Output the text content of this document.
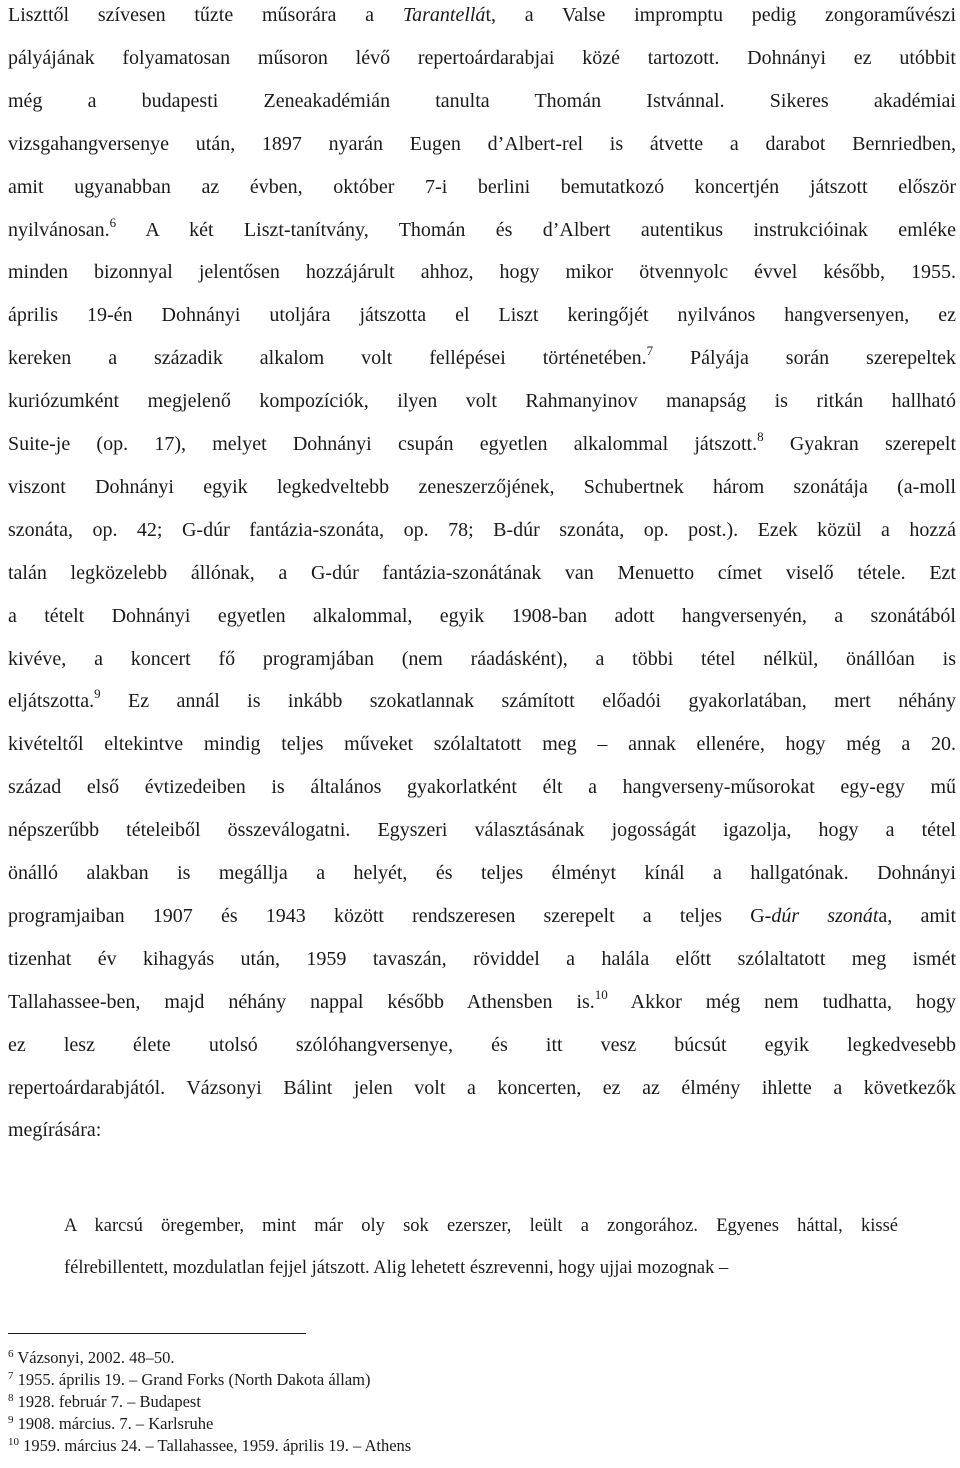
Liszttől szívesen tűzte műsorára a Tarantellát, a Valse impromptu pedig zongoraművészi
pályájának folyamatosan műsoron lévő repertoárdarabjai közé tartozott. Dohnányi ez utóbbit
még a budapesti Zeneakadémián tanulta Thomán Istvánnal. Sikeres akadémiai
vizsgahangversenye után, 1897 nyarán Eugen d’Albert-rel is átvette a darabot Bernriedben,
amit ugyanabban az évben, október 7-i berlini bemutatkozó koncertjén játszott először
nyilvánosan.$^6$ A két Liszt-tanítvány, Thomán és d’Albert autentikus instrukcióinak emléke
minden bizonnyal jelentősen hozzájárult ahhoz, hogy mikor ötvennyolc évvel később, 1955.
április 19-én Dohnányi utoljára játszotta el Liszt keringőjét nyilvános hangversenyen, ez
kereken a századik alkalom volt fellépései történetében.$^7$ Pályája során szerepeltek
kuriózumként megjelenő kompozíciók, ilyen volt Rahmanyinov manapság is ritkán hallható
Suite-je (op. 17), melyet Dohnányi csupán egyetlen alkalommal játszott.$^8$ Gyakran szerepelt
viszont Dohnányi egyik legkedveltebb zeneszerzőjének, Schubertnek három szonátája (a-moll
szonáta, op. 42; G-dúr fantázia-szonáta, op. 78; B-dúr szonáta, op. post.). Ezek közül a hozzá
talán legközelebb állónak, a G-dúr fantázia-szonátának van Menuetto címet viselő tétele. Ezt
a tételt Dohnányi egyetlen alkalommal, egyik 1908-ban adott hangversenyén, a szonátából
kivéve, a koncert fő programjában (nem ráadásként), a többi tétel nélkül, önállóan is
eljátszotta.$^9$ Ez annál is inkább szokatlannak számított előadói gyakorlatában, mert néhány
kivételtől eltekintve mindig teljes műveket szólaltatott meg – annak ellenére, hogy még a 20.
század első évtizedeiben is általános gyakorlatként élt a hangverseny-műsorokat egy-egy mű
népszerűbb tételeiből összeválogatni. Egyszeri választásának jogosságát igazolja, hogy a tétel
önálló alakban is megállja a helyét, és teljes élményt kínál a hallgatónak. Dohnányi
programjaiban 1907 és 1943 között rendszeresen szerepelt a teljes G-dúr szonáta, amit
tizenhat év kihagyás után, 1959 tavaszán, röviddel a halála előtt szólaltatott meg ismét
Tallahassee-ben, majd néhány nappal később Athensben is.$^{10}$ Akkor még nem tudhatta, hogy
ez lesz élete utolsó szólóhangversenye, és itt vesz búcsút egyik legkedvesebb
repertoárdarabjától. Vázsonyi Bálint jelen volt a koncerten, ez az élmény ihlette a következők
megírására:
A karcsú öregember, mint már oly sok ezerszer, leült a zongorához. Egyenes háttal, kissé
félrebillentett, mozdulatlan fejjel játszott. Alig lehetett észrevenni, hogy ujjai mozognak –
$^6$ Vázsonyi, 2002. 48–50.
$^7$ 1955. április 19. – Grand Forks (North Dakota állam)
$^8$ 1928. február 7. – Budapest
$^9$ 1908. március. 7. – Karlsruhe
$^{10}$ 1959. március 24. – Tallahassee, 1959. április 19. – Athens
